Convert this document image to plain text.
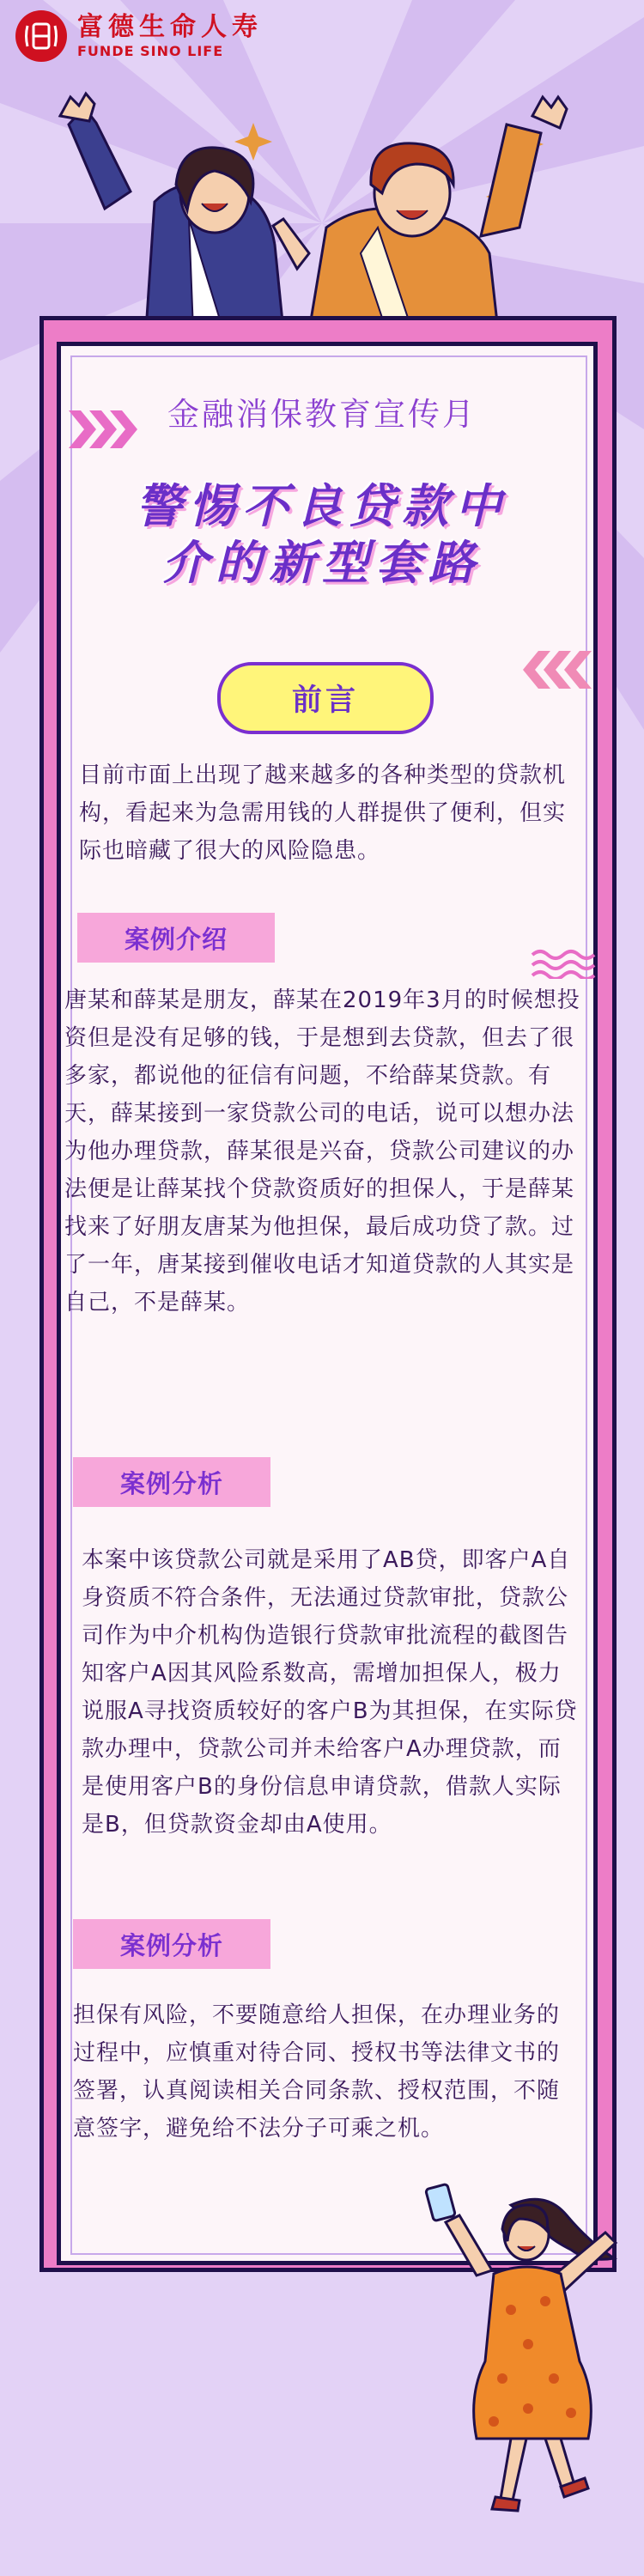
富德生命人寿
FUNDE SINO LIFE
金融消保教育宣传月
警惕不良贷款中
介的新型套路
前言
目前市面上出现了越来越多的各种类型的贷款机构，看起来为急需用钱的人群提供了便利，但实际也暗藏了很大的风险隐患。
案例介绍
唐某和薛某是朋友，薛某在2019年3月的时候想投资但是没有足够的钱，于是想到去贷款，但去了很多家，都说他的征信有问题，不给薛某贷款。有天，薛某接到一家贷款公司的电话，说可以想办法为他办理贷款，薛某很是兴奋，贷款公司建议的办法便是让薛某找个贷款资质好的担保人，于是薛某找来了好朋友唐某为他担保，最后成功贷了款。过了一年，唐某接到催收电话才知道贷款的人其实是自己，不是薛某。
案例分析
本案中该贷款公司就是采用了AB贷，即客户A自身资质不符合条件，无法通过贷款审批，贷款公司作为中介机构伪造银行贷款审批流程的截图告知客户A因其风险系数高，需增加担保人，极力说服A寻找资质较好的客户B为其担保，在实际贷款办理中，贷款公司并未给客户A办理贷款，而是使用客户B的身份信息申请贷款，借款人实际是B，但贷款资金却由A使用。
案例分析
担保有风险，不要随意给人担保，在办理业务的过程中，应慎重对待合同、授权书等法律文书的签署，认真阅读相关合同条款、授权范围，不随意签字，避免给不法分子可乘之机。
